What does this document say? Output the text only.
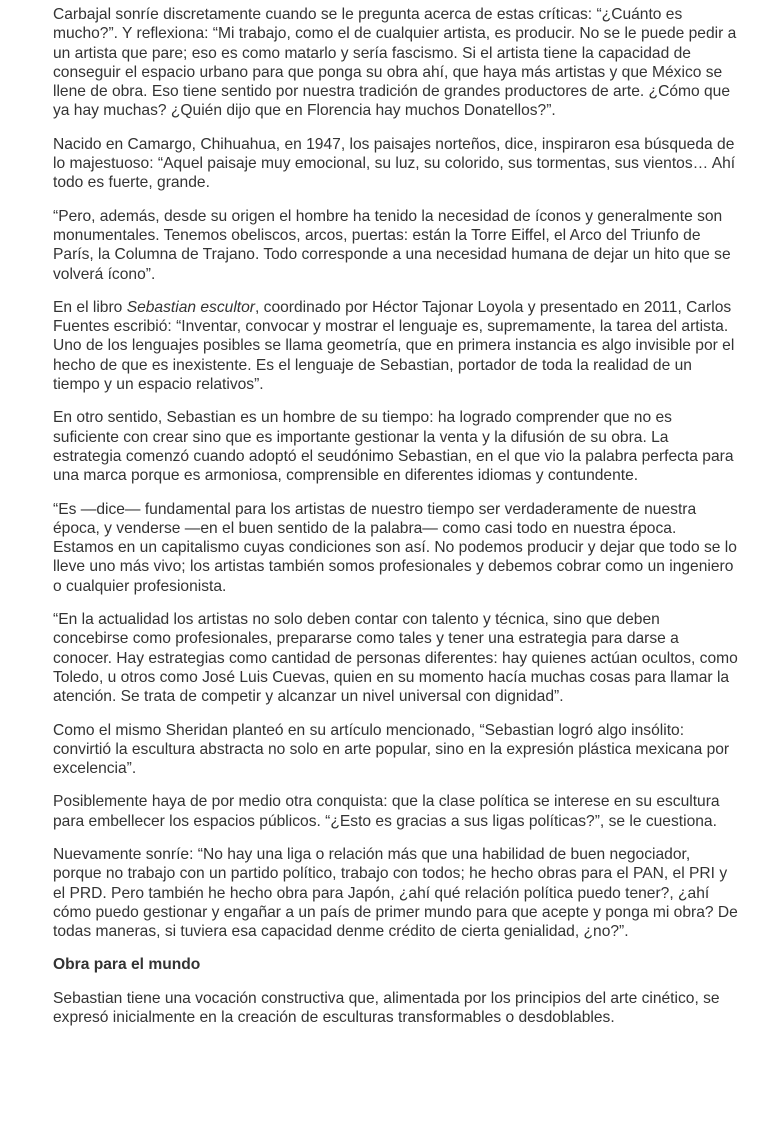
Carbajal sonríe discretamente cuando se le pregunta acerca de estas críticas: “¿Cuánto es mucho?”. Y reflexiona: “Mi trabajo, como el de cualquier artista, es producir. No se le puede pedir a un artista que pare; eso es como matarlo y sería fascismo. Si el artista tiene la capacidad de conseguir el espacio urbano para que ponga su obra ahí, que haya más artistas y que México se llene de obra. Eso tiene sentido por nuestra tradición de grandes productores de arte. ¿Cómo que ya hay muchas? ¿Quién dijo que en Florencia hay muchos Donatellos?”.

Nacido en Camargo, Chihuahua, en 1947, los paisajes norteños, dice, inspiraron esa búsqueda de lo majestuoso: “Aquel paisaje muy emocional, su luz, su colorido, sus tormentas, sus vientos… Ahí todo es fuerte, grande.

“Pero, además, desde su origen el hombre ha tenido la necesidad de íconos y generalmente son monumentales. Tenemos obeliscos, arcos, puertas: están la Torre Eiffel, el Arco del Triunfo de París, la Columna de Trajano. Todo corresponde a una necesidad humana de dejar un hito que se volverá ícono”.

En el libro Sebastian escultor, coordinado por Héctor Tajonar Loyola y presentado en 2011, Carlos Fuentes escribió: “Inventar, convocar y mostrar el lenguaje es, supremamente, la tarea del artista. Uno de los lenguajes posibles se llama geometría, que en primera instancia es algo invisible por el hecho de que es inexistente. Es el lenguaje de Sebastian, portador de toda la realidad de un tiempo y un espacio relativos”.

En otro sentido, Sebastian es un hombre de su tiempo: ha logrado comprender que no es suficiente con crear sino que es importante gestionar la venta y la difusión de su obra. La estrategia comenzó cuando adoptó el seudónimo Sebastian, en el que vio la palabra perfecta para una marca porque es armoniosa, comprensible en diferentes idiomas y contundente.

“Es —dice— fundamental para los artistas de nuestro tiempo ser verdaderamente de nuestra época, y venderse —en el buen sentido de la palabra— como casi todo en nuestra época. Estamos en un capitalismo cuyas condiciones son así. No podemos producir y dejar que todo se lo lleve uno más vivo; los artistas también somos profesionales y debemos cobrar como un ingeniero o cualquier profesionista.

“En la actualidad los artistas no solo deben contar con talento y técnica, sino que deben concebirse como profesionales, prepararse como tales y tener una estrategia para darse a conocer. Hay estrategias como cantidad de personas diferentes: hay quienes actúan ocultos, como Toledo, u otros como José Luis Cuevas, quien en su momento hacía muchas cosas para llamar la atención. Se trata de competir y alcanzar un nivel universal con dignidad”.

Como el mismo Sheridan planteó en su artículo mencionado, “Sebastian logró algo insólito: convirtió la escultura abstracta no solo en arte popular, sino en la expresión plástica mexicana por excelencia”.

Posiblemente haya de por medio otra conquista: que la clase política se interese en su escultura para embellecer los espacios públicos. “¿Esto es gracias a sus ligas políticas?”, se le cuestiona.

Nuevamente sonríe: “No hay una liga o relación más que una habilidad de buen negociador, porque no trabajo con un partido político, trabajo con todos; he hecho obras para el PAN, el PRI y el PRD. Pero también he hecho obra para Japón, ¿ahí qué relación política puedo tener?, ¿ahí cómo puedo gestionar y engañar a un país de primer mundo para que acepte y ponga mi obra? De todas maneras, si tuviera esa capacidad denme crédito de cierta genialidad, ¿no?”.

Obra para el mundo

Sebastian tiene una vocación constructiva que, alimentada por los principios del arte cinético, se expresó inicialmente en la creación de esculturas transformables o desdoblables.
